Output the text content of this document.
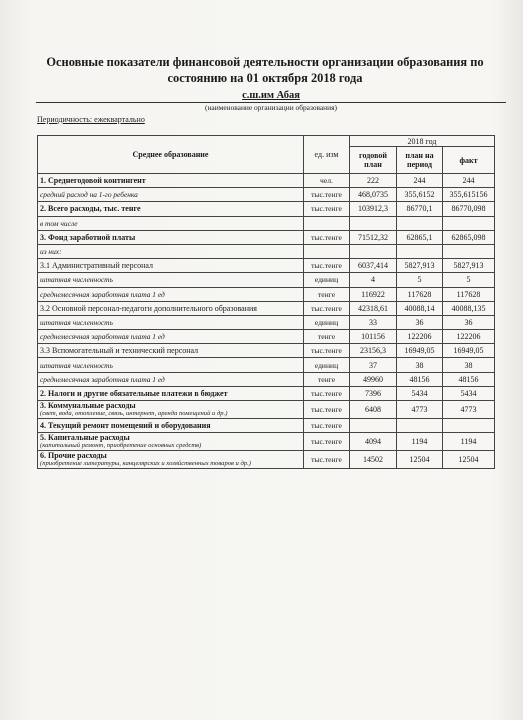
Основные показатели финансовой деятельности организации образования по состоянию на 01 октября 2018 года
с.ш.им Абая
(наименование организации образования)
Периодичность: ежеквартально
Среднее образование	ед. изм	2018 год		
		годовой план	план на период	факт
1. Среднегодовой контингент	чел.	222	244	244
средний расход на 1-го ребенка	тыс.тенге	468,0735	355,6152	355,615156
2. Всего расходы, тыс. тенге	тыс.тенге	103912,3	86770,1	86770,098
в том числе				
3. Фонд заработной платы	тыс.тенге	71512,32	62865,1	62865,098
из них:				
3.1 Административный персонал	тыс.тенге	6037,414	5827,913	5827,913
штатная численность	единиц	4	5	5
среднемесячная заработная плата 1 ед	тенге	116922	117628	117628
3.2 Основной персонал-педагоги дополнительного образования	тыс.тенге	42318,61	40088,14	40088,135
штатная численность	единиц	33	36	36
среднемесячная заработная плата 1 ед	тенге	101156	122206	122206
3.3 Вспомогательный и технический персонал	тыс.тенге	23156,3	16949,05	16949,05
штатная численность	единиц	37	38	38
среднемесячная заработная плата 1 ед	тенге	49960	48156	48156
2. Налоги и другие обязательные платежи в бюджет	тыс.тенге	7396	5434	5434
3. Коммунальные расходы
(свет, вода, отопление, связь, интернет, аренда помещений и др.)	тыс.тенге	6408	4773	4773
4. Текущий ремонт помещений и оборудования	тыс.тенге			
5. Капитальные расходы
(капитальный ремонт, приобретение основных средств)	тыс.тенге	4094	1194	1194
6. Прочие расходы
(приобретение литературы, канцелярских и хозяйственных товаров и др.)	тыс.тенге	14502	12504	12504
